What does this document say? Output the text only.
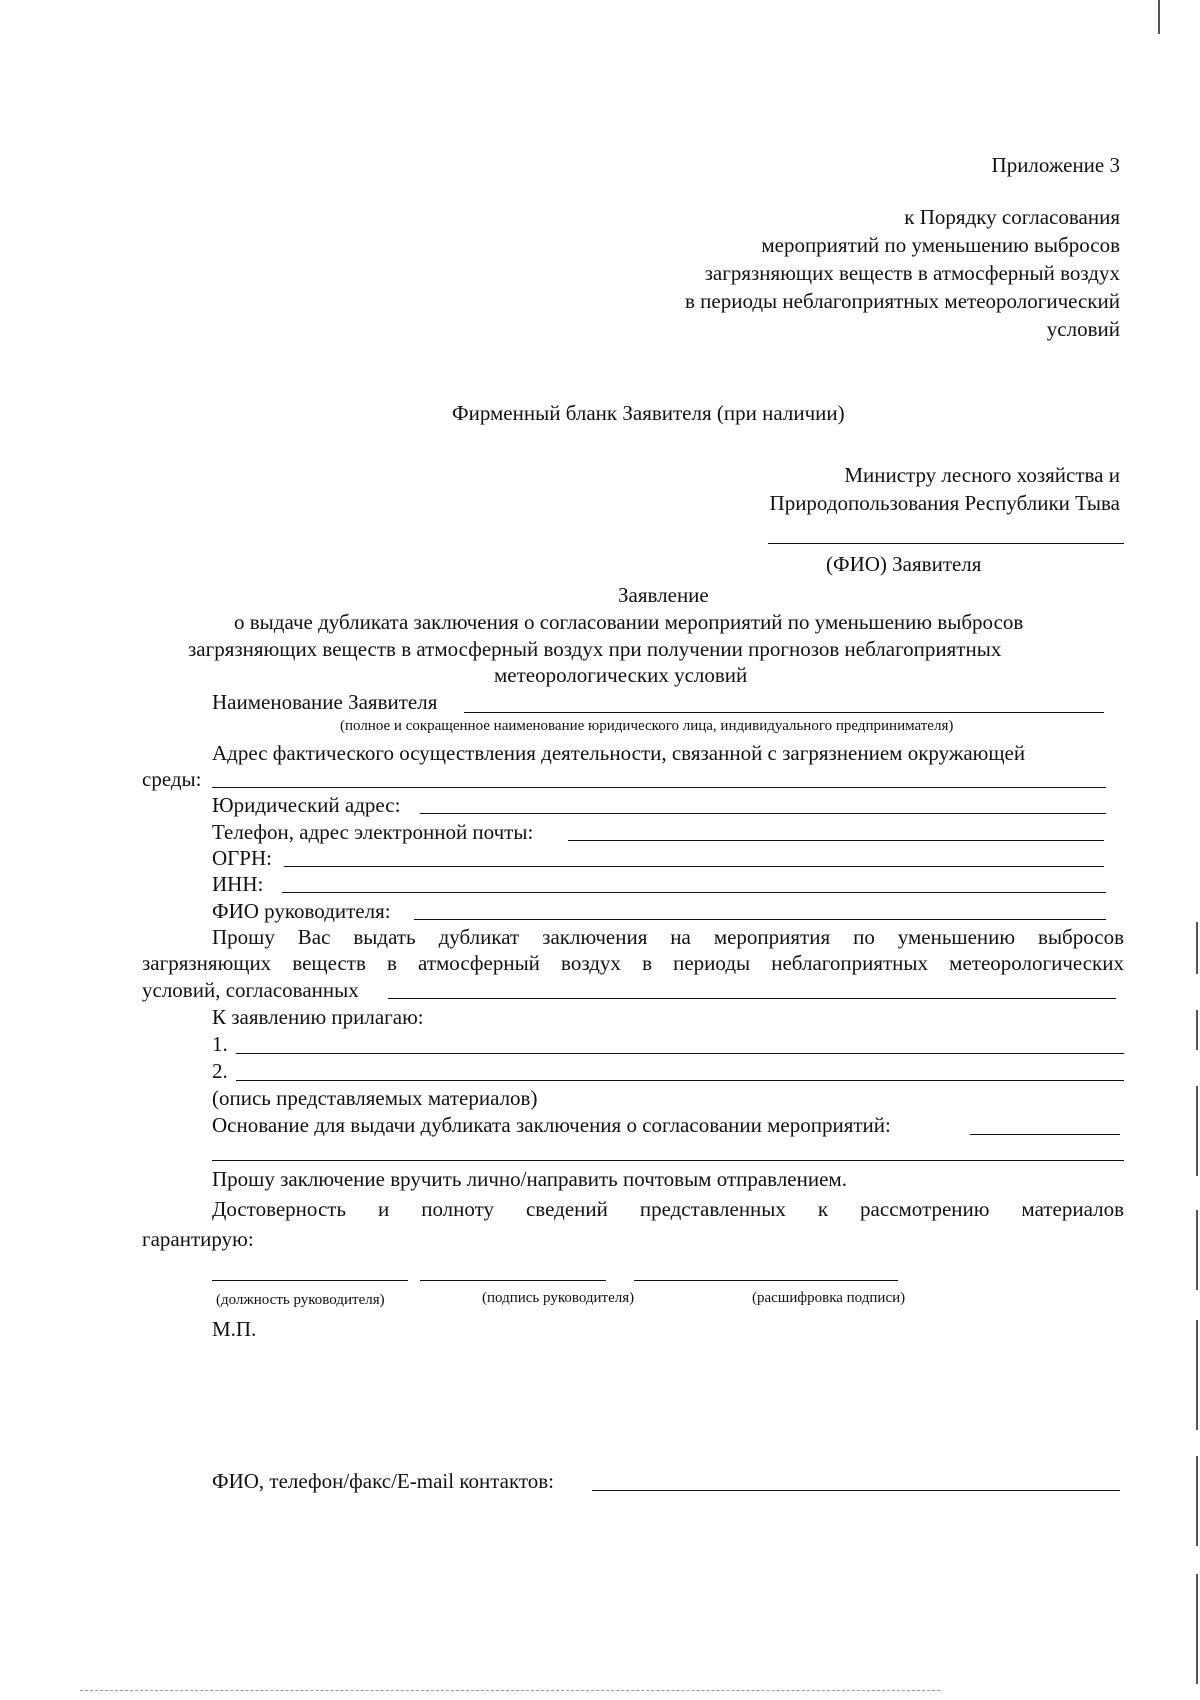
Приложение 3
к Порядку согласования
мероприятий по уменьшению выбросов
загрязняющих веществ в атмосферный воздух
в периоды неблагоприятных метеорологический
условий
Фирменный бланк Заявителя (при наличии)
Министру лесного хозяйства и
Природопользования Республики Тыва
(ФИО) Заявителя
Заявление
о выдаче дубликата заключения о согласовании мероприятий по уменьшению выбросов
загрязняющих веществ в атмосферный воздух при получении прогнозов неблагоприятных
метеорологических условий
Наименование Заявителя
(полное и сокращенное наименование юридического лица, индивидуального предпринимателя)
Адрес фактического осуществления деятельности, связанной с загрязнением окружающей
среды:
Юридический адрес:
Телефон, адрес электронной почты:
ОГРН:
ИНН:
ФИО руководителя:
Прошу Вас выдать дубликат заключения на мероприятия по уменьшению выбросов
загрязняющих веществ в атмосферный воздух в периоды неблагоприятных метеорологических
условий, согласованных
К заявлению прилагаю:
1.
2.
(опись представляемых материалов)
Основание для выдачи дубликата заключения о согласовании мероприятий:
Прошу заключение вручить лично/направить почтовым отправлением.
Достоверность и полноту сведений представленных к рассмотрению материалов
гарантирую:
(должность руководителя)	(подпись руководителя)	(расшифровка подписи)
М.П.
ФИО, телефон/факс/E-mail контактов:
